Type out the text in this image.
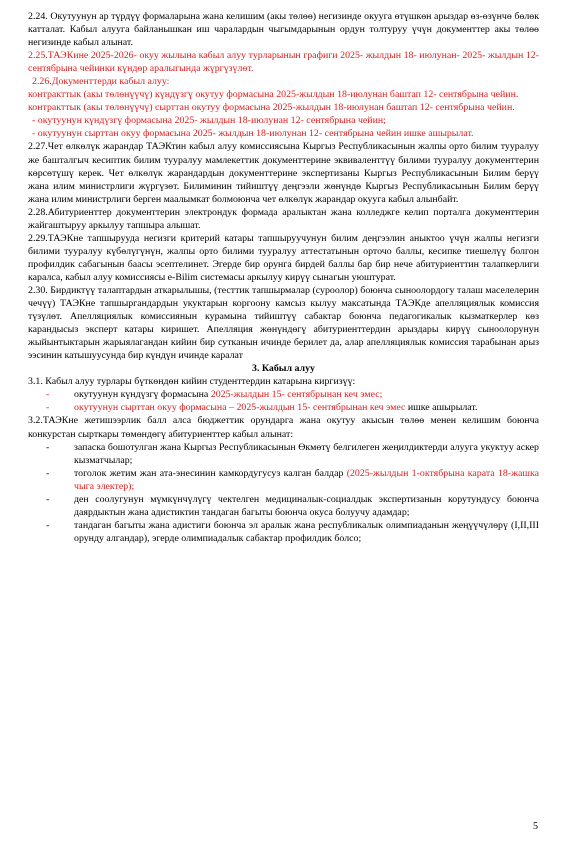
2.24. Окутуунун ар түрдүү формаларына жана келишим (акы төлөө) негизинде окууга өтүшкөн арыздар өз-өзүнчө бөлөк катталат. Кабыл алууга байланышкан иш чаралардын чыгымдарынын ордун толтуруу үчүн документтер акы төлөө негизинде кабыл алынат.

2.25.ТАЭКине 2025-2026- окуу жылына кабыл алуу турларынын графиги 2025- жылдын 18- июлунан- 2025- жылдын 12- сентябрына чейинки күндөр аралыгында жүргүзүлөт.

2.26.Документтерди кабыл алуу:

контракттык (акы төлөнүүчү) күндүзгү окутуу формасына 2025-жылдын 18-июлунан баштап 12- сентябрына чейин.

контракттык (акы төлөнүүчү) сырттан окутуу формасына 2025-жылдын 18-июлунан баштап 12- сентябрына чейин.

- окутуунун күндүзгү формасына 2025- жылдын 18-июлунан 12- сентябрына чейин;

- окутуунун сырттан окуу формасына 2025- жылдын 18-июлунан 12- сентябрына чейин ишке ашырылат.

2.27.Чет өлкөлүк жарандар ТАЭКтин кабыл алуу комиссиясына Кыргыз Республикасынын жалпы орто билим тууралуу же башталгыч кесиптик билим тууралуу мамлекеттик документтерине эквиваленттүү билими тууралуу документтерин көрсөтүшү керек. Чет өлкөлүк жарандардын документтерине экспертизаны Кыргыз Республикасынын Билим берүү жана илим министрлиги жүргүзөт. Билиминин тийиштүү деңгээли жөнүндө Кыргыз Республикасынын Билим берүү жана илим министрлиги берген маалымкат болмоюнча чет өлкөлүк жарандар окууга кабыл алынбайт.

2.28.Абитуриенттер документтерин электрондук формада аралыктан жана колледжге келип порталга документтерин жайгаштыруу аркылуу тапшыра алышат.

2.29.ТАЭКне тапшырууда негизги критерий катары тапшыруучунун билим деңгээлин аныктоо үчүн жалпы негизги билими тууралуу күбөлүгүнүн, жалпы орто билими тууралуу аттестатынын орточо баллы, кесипке тиешелүү болгон профилдик сабагынын баасы эсептелинет. Эгерде бир орунга бирдей баллы бар бир нече абитуриенттин талапкерлиги каралса, кабыл алуу комиссиясы e-Bilim системасы аркылуу кирүү сынагын уюштурат.

2.30. Бирдиктүү талаптардын аткарылышы, (тесттик тапшырмалар (суроолор) боюнча сыноолордогу талаш маселелерин чечүү) ТАЭКне тапшыргандардын укуктарын коргоону камсыз кылуу максатында ТАЭКде апелляциялык комиссия түзүлөт. Апелляциялык комиссиянын курамына тийиштүү сабактар боюнча педагогикалык кызматкерлер көз карандысыз эксперт катары киришет. Апелляция жөнүндөгү абитуриенттердин арыздары кирүү сыноолорунун жыйынтыктарын жарыялагандан кийин бир сутканын ичинде берилет да, алар апелляциялык комиссия тарабынан арыз ээсинин катышуусунда бир күндүн ичинде каралат

3. Кабыл алуу

3.1. Кабыл алуу турлары бүткөндөн кийин студенттердин катарына киргизүү:

- окутуунун күндүзгү формасына 2025-жылдын 15- сентябрынан кеч эмес;
- окутуунун сырттан окуу формасына – 2025-жылдын 15- сентябрынан кеч эмес ишке ашырылат.

3.2.ТАЭКне жетишээрлик балл алса бюджеттик орундарга жана окутуу акысын төлөө менен келишим боюнча конкурстан сырткары төмөндөгү абитуриенттер кабыл алынат:

- запаска бошотулган жана Кыргыз Республикасынын Өкмөтү белгилеген жеңилдиктерди алууга укуктуу аскер кызматчылар;
- тоголок жетим жан ата-энесинин камкордугусуз калган балдар (2025-жылдын 1-октябрына карата 18-жашка чыга электер);
- ден соолугунун мүмкүнчүлүгү чектелген медициналык-социалдык экспертизанын корутундусу боюнча даярдыктын жана адистиктин тандаган багыты боюнча окуса болуучу адамдар;
- тандаган багыты жана адистиги боюнча эл аралык жана республикалык олимпиаданын жеңүүчүлөрү (I,II,III орунду алгандар), эгерде олимпиадалык сабактар профилдик болсо;
5
